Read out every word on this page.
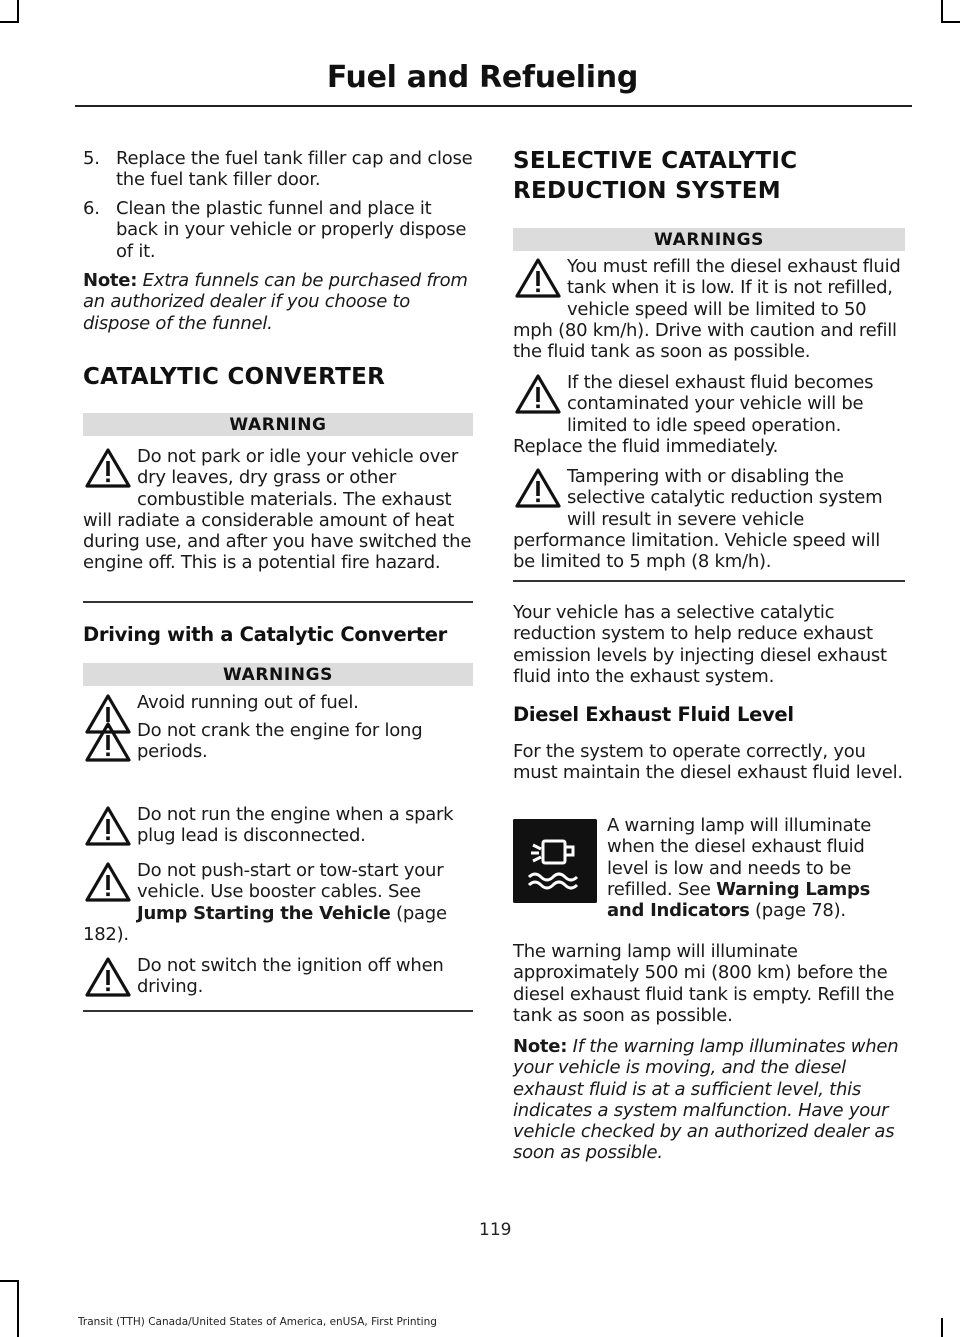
Fuel and Refueling
5. Replace the fuel tank filler cap and close the fuel tank filler door.
6. Clean the plastic funnel and place it back in your vehicle or properly dispose of it.
Note: Extra funnels can be purchased from an authorized dealer if you choose to dispose of the funnel.
CATALYTIC CONVERTER
WARNING
Do not park or idle your vehicle over dry leaves, dry grass or other combustible materials. The exhaust will radiate a considerable amount of heat during use, and after you have switched the engine off. This is a potential fire hazard.
Driving with a Catalytic Converter
WARNINGS
Avoid running out of fuel.
Do not crank the engine for long periods.
Do not run the engine when a spark plug lead is disconnected.
Do not push-start or tow-start your vehicle. Use booster cables. See Jump Starting the Vehicle (page 182).
Do not switch the ignition off when driving.
SELECTIVE CATALYTIC
REDUCTION SYSTEM
WARNINGS
You must refill the diesel exhaust fluid tank when it is low. If it is not refilled, vehicle speed will be limited to 50 mph (80 km/h). Drive with caution and refill the fluid tank as soon as possible.
If the diesel exhaust fluid becomes contaminated your vehicle will be limited to idle speed operation. Replace the fluid immediately.
Tampering with or disabling the selective catalytic reduction system will result in severe vehicle performance limitation. Vehicle speed will be limited to 5 mph (8 km/h).
Your vehicle has a selective catalytic reduction system to help reduce exhaust emission levels by injecting diesel exhaust fluid into the exhaust system.
Diesel Exhaust Fluid Level
For the system to operate correctly, you must maintain the diesel exhaust fluid level.
A warning lamp will illuminate when the diesel exhaust fluid level is low and needs to be refilled. See Warning Lamps and Indicators (page 78).
The warning lamp will illuminate approximately 500 mi (800 km) before the diesel exhaust fluid tank is empty. Refill the tank as soon as possible.
Note: If the warning lamp illuminates when your vehicle is moving, and the diesel exhaust fluid is at a sufficient level, this indicates a system malfunction. Have your vehicle checked by an authorized dealer as soon as possible.
119
Transit (TTH) Canada/United States of America, enUSA, First Printing
